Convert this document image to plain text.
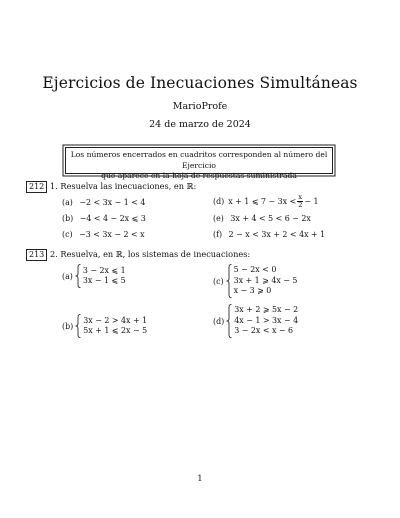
Ejercicios de Inecuaciones Simultáneas
MarioProfe
24 de marzo de 2024
Los números encerrados en cuadritos corresponden al número del Ejercicio
que aparece en la hoja de respuestas suministrada
212 1. Resuelva las inecuaciones, en ℝ:
(a) −2 < 3x − 1 < 4
(b) −4 < 4 − 2x ⩽ 3
(c) −3 < 3x − 2 < x
(d) x + 1 ⩽ $7 - 3x < \frac{x}{2} - 1$
(e) 3x + 4 < 5 < 6 − 2x
(f) 2 − x < 3x + 2 < 4x + 1
213 2. Resuelva, en ℝ, los sistemas de inecuaciones:
(a)
3 − 2x ⩽ 1
3x − 1 ⩽ 5
(b)
3x − 2 > 4x + 1
5x + 1 ⩽ 2x − 5
(c)
5 − 2x < 0
3x + 1 ⩾ 4x − 5
x − 3 ⩾ 0
(d)
3x + 2 ⩾ 5x − 2
4x − 1 > 3x − 4
3 − 2x < x − 6
1
